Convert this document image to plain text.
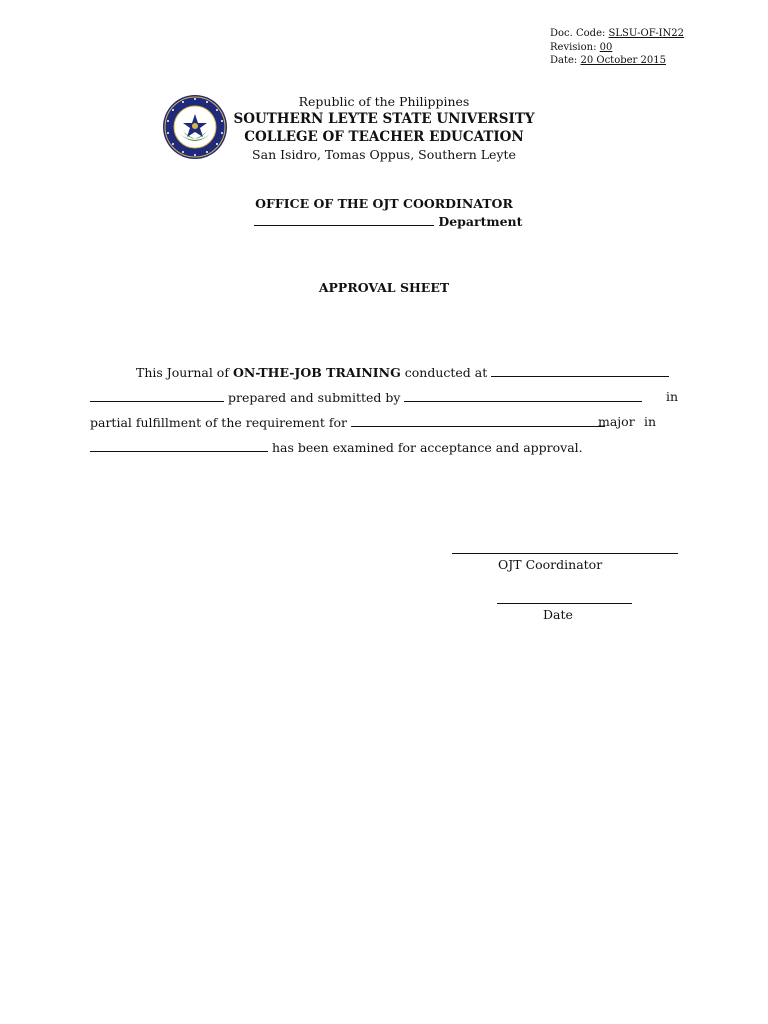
Doc. Code: SLSU-OF-IN22
Revision: 00
Date: 20 October 2015
Republic of the Philippines
SOUTHERN LEYTE STATE UNIVERSITY
COLLEGE OF TEACHER EDUCATION
San Isidro, Tomas Oppus, Southern Leyte
OFFICE OF THE OJT COORDINATOR
Department
APPROVAL SHEET
This Journal of ON-THE-JOB TRAINING conducted at
prepared and submitted by	in
partial fulfillment of the requirement for	major in
has been examined for acceptance and approval.
OJT Coordinator
Date
